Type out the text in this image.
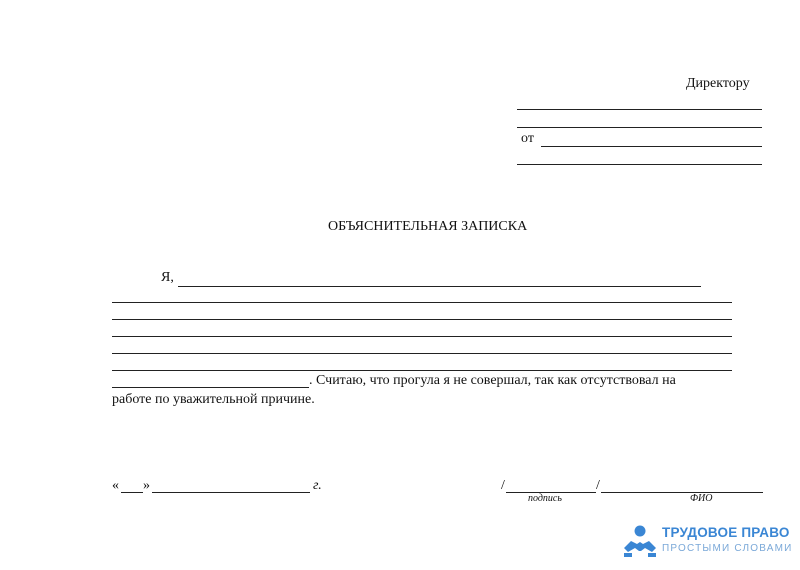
Директору
от
ОБЪЯСНИТЕЛЬНАЯ ЗАПИСКА
Я,
. Считаю, что прогула я не совершал, так как отсутствовал на
работе по уважительной причине.
« »	г.	/	/
подпись	ФИО
ТРУДОВОЕ ПРАВО
ПРОСТЫМИ СЛОВАМИ
